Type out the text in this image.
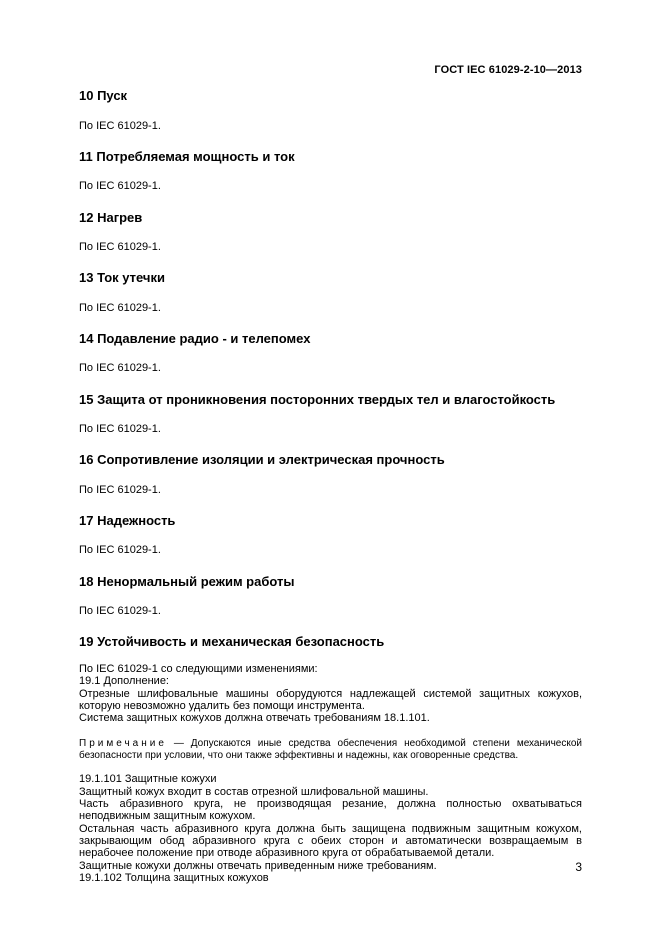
ГОСТ IEC 61029-2-10—2013
10 Пуск
По IEC 61029-1.
11 Потребляемая мощность и ток
По IEC 61029-1.
12 Нагрев
По IEC 61029-1.
13 Ток утечки
По IEC 61029-1.
14 Подавление радио - и телепомех
По IEC 61029-1.
15 Защита от проникновения посторонних твердых тел и влагостойкость
По IEC 61029-1.
16 Сопротивление изоляции и электрическая прочность
По IEC 61029-1.
17 Надежность
По IEC 61029-1.
18 Ненормальный режим работы
По IEC 61029-1.
19 Устойчивость и механическая безопасность

По IEC 61029-1 со следующими изменениями:

19.1 Дополнение:

Отрезные шлифовальные машины оборудуются надлежащей системой защитных кожухов, которую невозможно удалить без помощи инструмента.

Система защитных кожухов должна отвечать требованиям 18.1.101.

Примечание — Допускаются иные средства обеспечения необходимой степени механической безопасности при условии, что они также эффективны и надежны, как оговоренные средства.

19.1.101 Защитные кожухи

Защитный кожух входит в состав отрезной шлифовальной машины.

Часть абразивного круга, не производящая резание, должна полностью охватываться неподвижным защитным кожухом.

Остальная часть абразивного круга должна быть защищена подвижным защитным кожухом, закрывающим обод абразивного круга с обеих сторон и автоматически возвращаемым в нерабочее положение при отводе абразивного круга от обрабатываемой детали.

Защитные кожухи должны отвечать приведенным ниже требованиям.

19.1.102 Толщина защитных кожухов

3
